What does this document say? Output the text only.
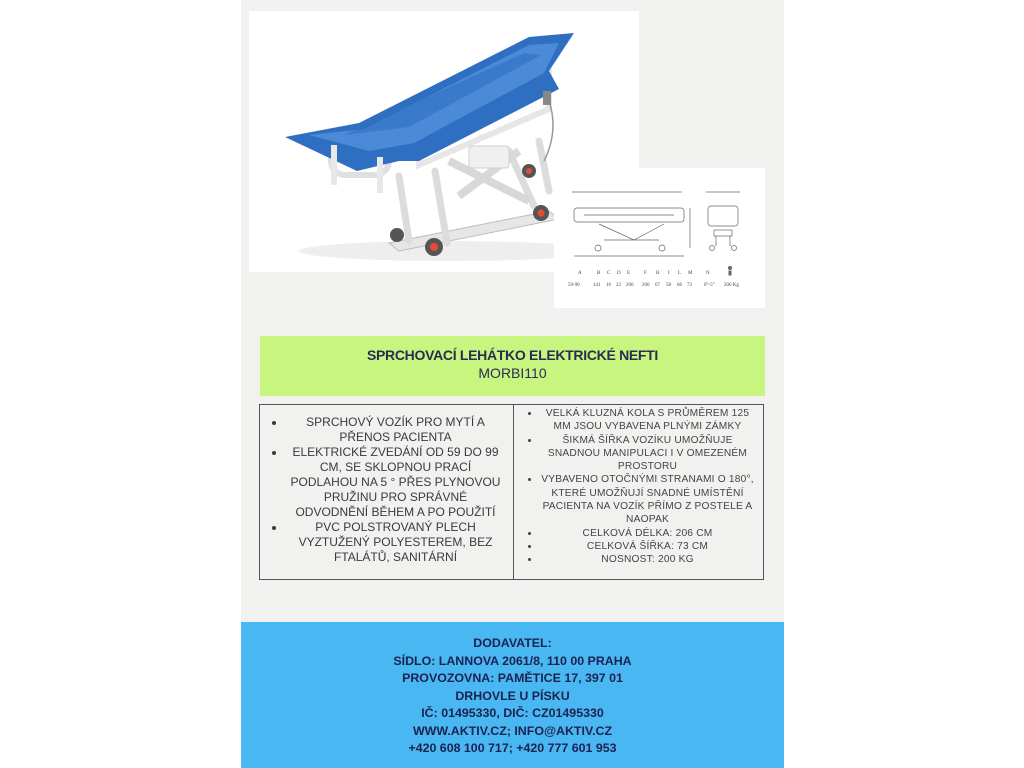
A	B C D E	F H I L M	N
59-90	141 16 22 206 200 67 58 66 73 0°-5° 200 Kg
SPRCHOVACÍ LEHÁTKO ELEKTRICKÉ NEFTI
MORBI110
• SPRCHOVÝ VOZÍK PRO MYTÍ A PŘENOS PACIENTA
• ELEKTRICKÉ ZVEDÁNÍ OD 59 DO 99 CM, SE SKLOPNOU PRACÍ PODLAHOU NA 5 ° PŘES PLYNOVOU PRUŽINU PRO SPRÁVNÉ ODVODNĚNÍ BĚHEM A PO POUŽITÍ
• PVC POLSTROVANÝ PLECH VYZTUŽENÝ POLYESTEREM, BEZ FTALÁTŮ, SANITÁRNÍ
• VELKÁ KLUZNÁ KOLA S PRŮMĚREM 125 MM JSOU VYBAVENA PLNÝMI ZÁMKY
• ŠIKMÁ ŠÍŘKA VOZÍKU UMOŽŇUJE SNADNOU MANIPULACI I V OMEZENÉM PROSTORU
• VYBAVENO OTOČNÝMI STRANAMI O 180°, KTERÉ UMOŽŇUJÍ SNADNÉ UMÍSTĚNÍ PACIENTA NA VOZÍK PŘÍMO Z POSTELE A NAOPAK
• CELKOVÁ DÉLKA: 206 CM
• CELKOVÁ ŠÍŘKA: 73 CM
• NOSNOST: 200 KG
DODAVATEL:
SÍDLO: LANNOVA 2061/8, 110 00 PRAHA
PROVOZOVNA: PAMĚTICE 17, 397 01
DRHOVLE U PÍSKU
IČ: 01495330, DIČ: CZ01495330
WWW.AKTIV.CZ; INFO@AKTIV.CZ
+420 608 100 717; +420 777 601 953
